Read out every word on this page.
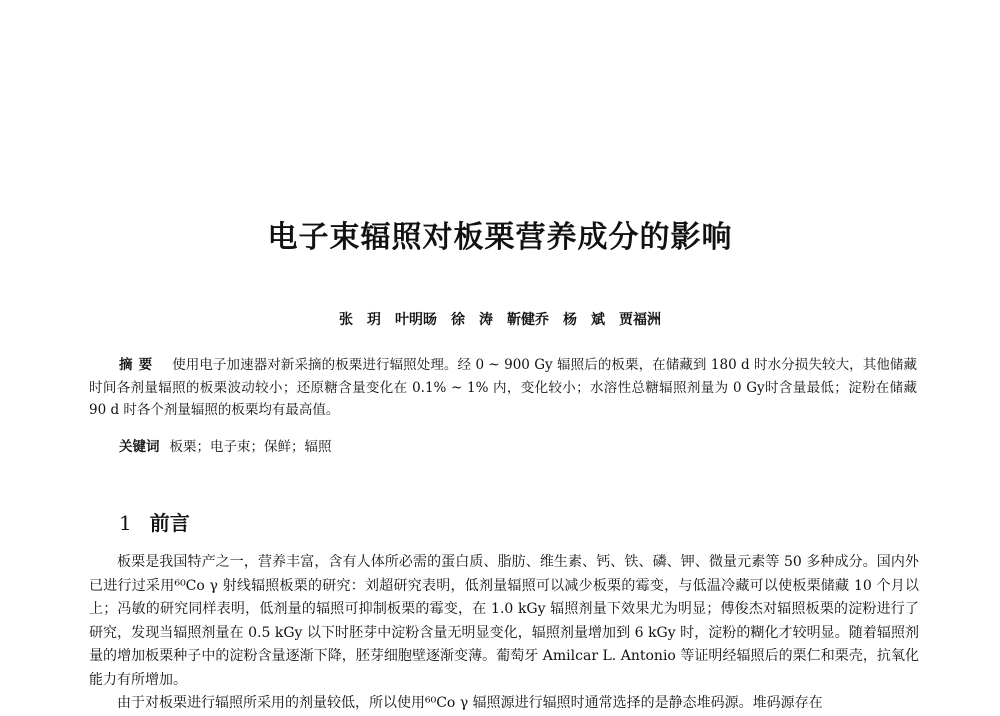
电子束辐照对板栗营养成分的影响
张　玥　叶明旸　徐　涛　靳健乔　杨　斌　贾福洲
摘要 使用电子加速器对新采摘的板栗进行辐照处理。经 0 ~ 900 Gy 辐照后的板栗，在储藏到 180 d 时水分损失较大，其他储藏时间各剂量辐照的板栗波动较小；还原糖含量变化在 0.1% ~ 1% 内，变化较小；水溶性总糖辐照剂量为 0 Gy时含量最低；淀粉在储藏 90 d 时各个剂量辐照的板栗均有最高值。
关键词 板栗；电子束；保鲜；辐照
1 前言

板栗是我国特产之一，营养丰富，含有人体所必需的蛋白质、脂肪、维生素、钙、铁、磷、钾、微量元素等 50 多种成分。国内外已进行过采用⁶⁰Co γ 射线辐照板栗的研究：刘超研究表明，低剂量辐照可以减少板栗的霉变，与低温冷藏可以使板栗储藏 10 个月以上；冯敏的研究同样表明，低剂量的辐照可抑制板栗的霉变，在 1.0 kGy 辐照剂量下效果尤为明显；傅俊杰对辐照板栗的淀粉进行了研究，发现当辐照剂量在 0.5 kGy 以下时胚芽中淀粉含量无明显变化，辐照剂量增加到 6 kGy 时，淀粉的糊化才较明显。随着辐照剂量的增加板栗种子中的淀粉含量逐渐下降，胚芽细胞壁逐渐变薄。葡萄牙 Amilcar L. Antonio 等证明经辐照后的栗仁和栗壳，抗氧化能力有所增加。

由于对板栗进行辐照所采用的剂量较低，所以使用⁶⁰Co γ 辐照源进行辐照时通常选择的是静态堆码源。堆码源存在
